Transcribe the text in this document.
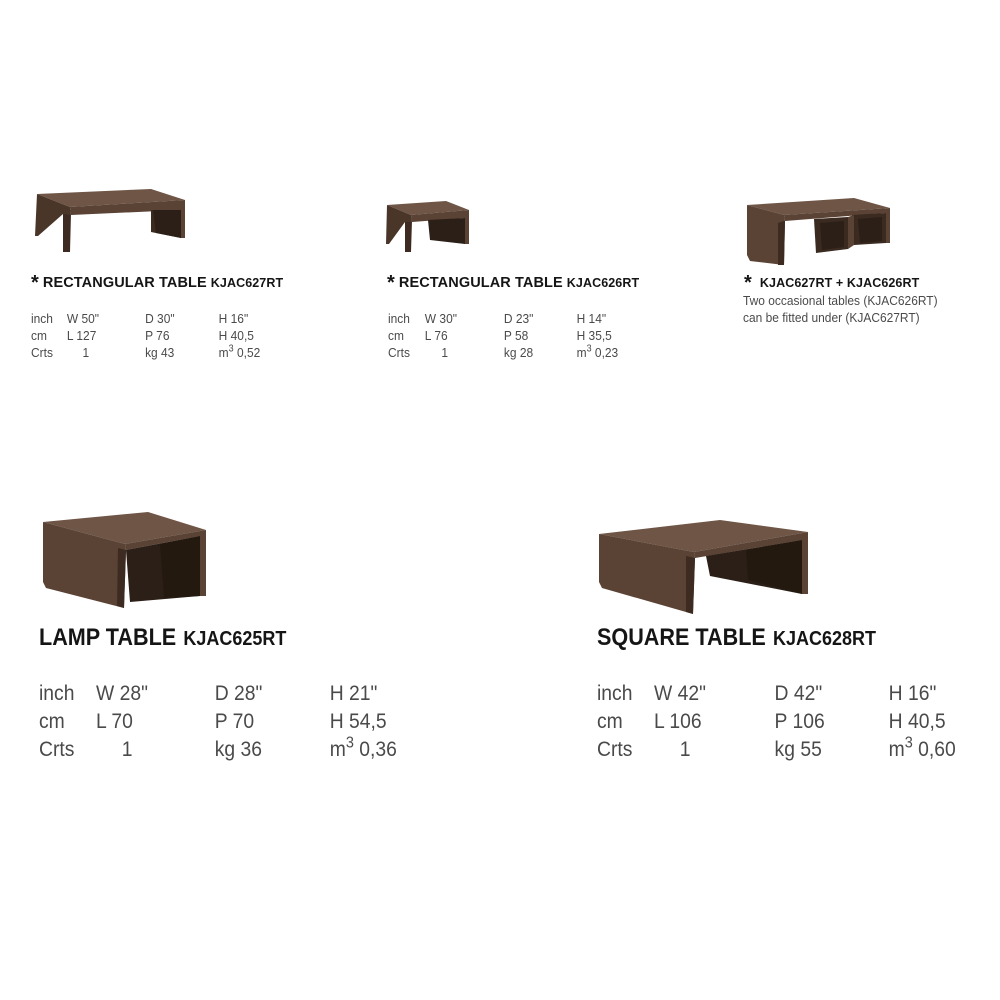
* RECTANGULAR TABLE KJAC627RT
inch W 50"	D 30"	H 16"
cm L 127	P 76	H 40,5
Crts 1	kg 43	$m^3$ 0,52
* RECTANGULAR TABLE KJAC626RT
inch W 30"	D 23"	H 14"
cm L 76	P 58	H 35,5
Crts 1	kg 28	$m^3$ 0,23
* KJAC627RT + KJAC626RT
Two occasional tables (KJAC626RT)
can be fitted under (KJAC627RT)
LAMP TABLE KJAC625RT
inch W 28"	D 28"	H 21"
cm L 70	P 70	H 54,5
Crts 1	kg 36	$m^3$ 0,36
SQUARE TABLE KJAC628RT
inch W 42"	D 42"	H 16"
cm L 106	P 106	H 40,5
Crts 1	kg 55	$m^3$ 0,60
